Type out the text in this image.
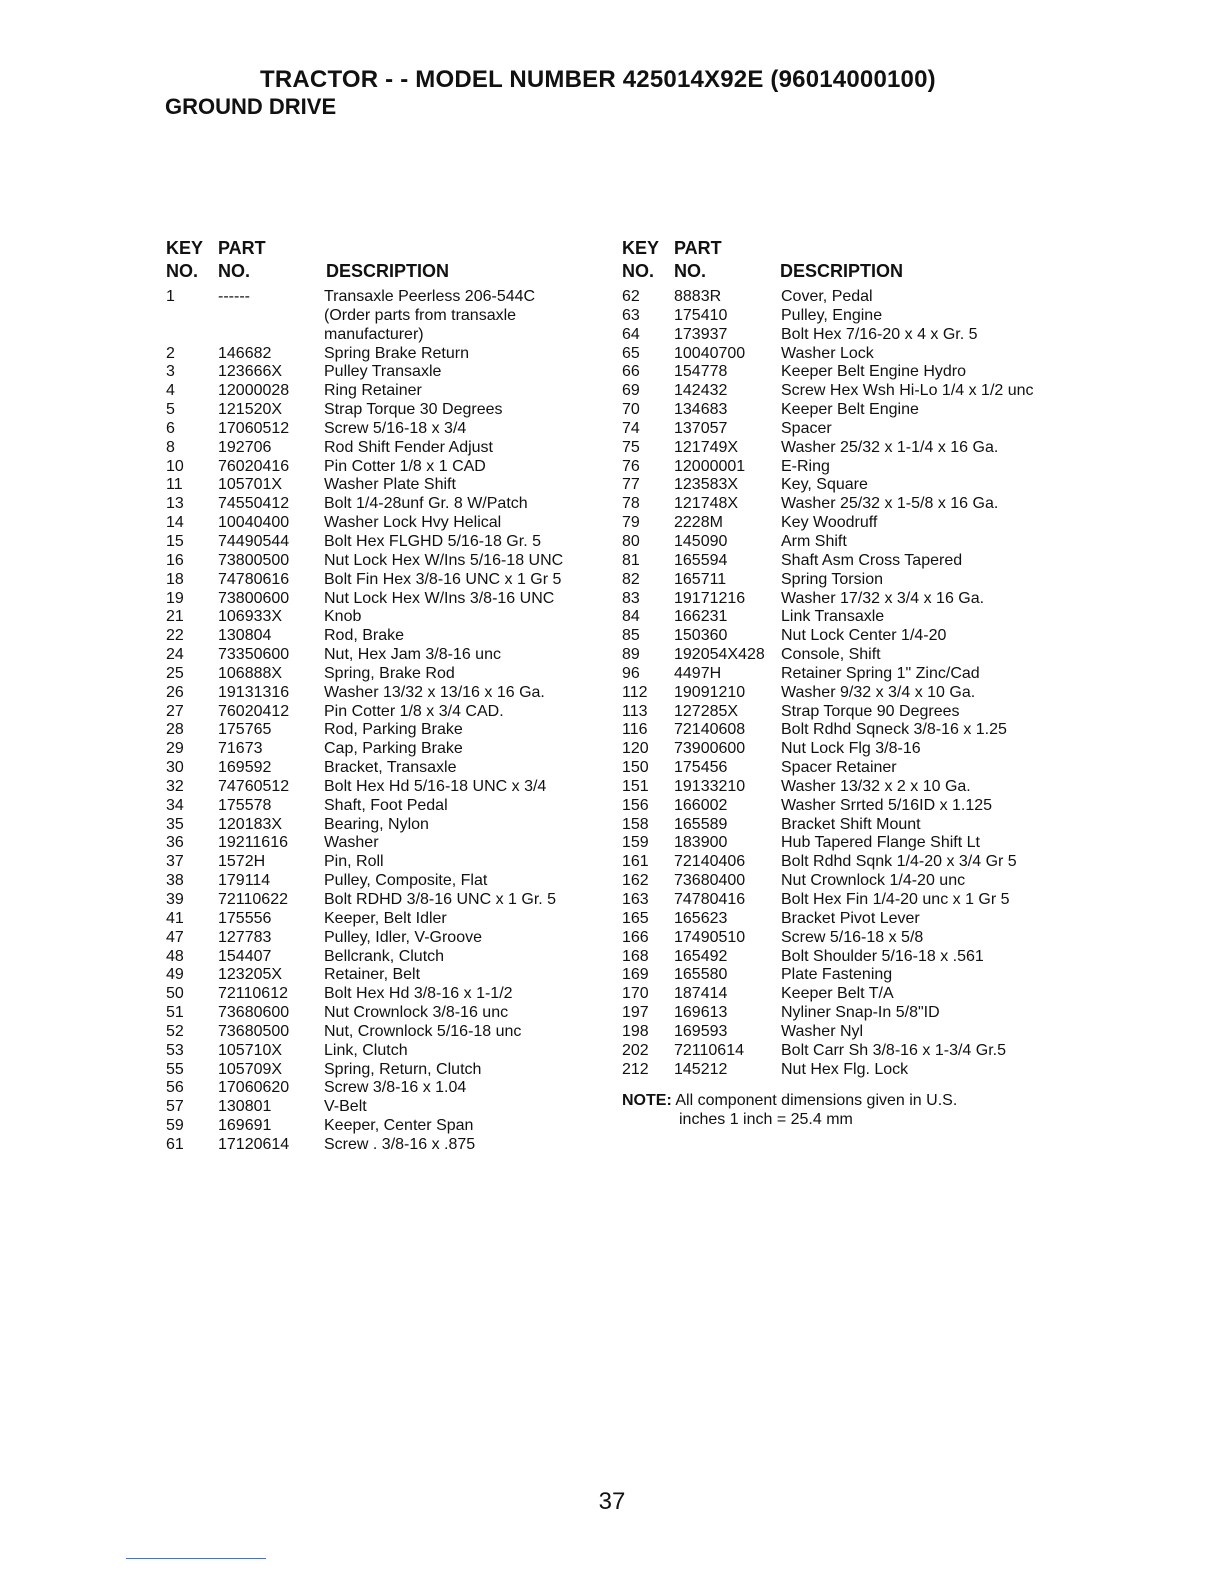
TRACTOR - - MODEL NUMBER 425014X92E (96014000100)
GROUND DRIVE
KEY PART
NO. NO.	DESCRIPTION
1	------	Transaxle Peerless 206-544C
(Order parts from transaxle
manufacturer)
2	146682	Spring Brake Return
3	123666X	Pulley Transaxle
4	12000028 Ring Retainer
5	121520X	Strap Torque 30 Degrees
6	17060512 Screw 5/16-18 x 3/4
8	192706	Rod Shift Fender Adjust
10 76020416 Pin Cotter 1/8 x 1 CAD
11 105701X	Washer Plate Shift
13 74550412 Bolt 1/4-28unf Gr. 8 W/Patch
14 10040400 Washer Lock Hvy Helical
15 74490544 Bolt Hex FLGHD 5/16-18 Gr. 5
16 73800500 Nut Lock Hex W/Ins 5/16-18 UNC
18 74780616 Bolt Fin Hex 3/8-16 UNC x 1 Gr 5
19 73800600 Nut Lock Hex W/Ins 3/8-16 UNC
21 106933X	Knob
22 130804	Rod, Brake
24 73350600 Nut, Hex Jam 3/8-16 unc
25 106888X	Spring, Brake Rod
26 19131316 Washer 13/32 x 13/16 x 16 Ga.
27 76020412 Pin Cotter 1/8 x 3/4 CAD.
28 175765	Rod, Parking Brake
29 71673	Cap, Parking Brake
30 169592	Bracket, Transaxle
32 74760512 Bolt Hex Hd 5/16-18 UNC x 3/4
34 175578	Shaft, Foot Pedal
35 120183X	Bearing, Nylon
36 19211616 Washer
37 1572H	Pin, Roll
38 179114	Pulley, Composite, Flat
39 72110622 Bolt RDHD 3/8-16 UNC x 1 Gr. 5
41 175556	Keeper, Belt Idler
47 127783	Pulley, Idler, V-Groove
48 154407	Bellcrank, Clutch
49 123205X	Retainer, Belt
50 72110612 Bolt Hex Hd 3/8-16 x 1-1/2
51 73680600 Nut Crownlock 3/8-16 unc
52 73680500 Nut, Crownlock 5/16-18 unc
53 105710X	Link, Clutch
55 105709X	Spring, Return, Clutch
56 17060620 Screw 3/8-16 x 1.04
57 130801	V-Belt
59 169691	Keeper, Center Span
61 17120614 Screw . 3/8-16 x .875
KEY PART
NO. NO.	DESCRIPTION
62 8883R	Cover, Pedal
63 175410	Pulley, Engine
64 173937	Bolt Hex 7/16-20 x 4 x Gr. 5
65 10040700 Washer Lock
66 154778	Keeper Belt Engine Hydro
69 142432	Screw Hex Wsh Hi-Lo 1/4 x 1/2 unc
70 134683	Keeper Belt Engine
74 137057	Spacer
75 121749X	Washer 25/32 x 1-1/4 x 16 Ga.
76 12000001 E-Ring
77 123583X	Key, Square
78 121748X	Washer 25/32 x 1-5/8 x 16 Ga.
79 2228M	Key Woodruff
80 145090	Arm Shift
81 165594	Shaft Asm Cross Tapered
82 165711	Spring Torsion
83 19171216 Washer 17/32 x 3/4 x 16 Ga.
84 166231	Link Transaxle
85 150360	Nut Lock Center 1/4-20
89 192054X428 Console, Shift
96 4497H	Retainer Spring 1" Zinc/Cad
112 19091210 Washer 9/32 x 3/4 x 10 Ga.
113 127285X	Strap Torque 90 Degrees
116 72140608 Bolt Rdhd Sqneck 3/8-16 x 1.25
120 73900600 Nut Lock Flg 3/8-16
150 175456	Spacer Retainer
151 19133210 Washer 13/32 x 2 x 10 Ga.
156 166002	Washer Srrted 5/16ID x 1.125
158 165589	Bracket Shift Mount
159 183900	Hub Tapered Flange Shift Lt
161 72140406 Bolt Rdhd Sqnk 1/4-20 x 3/4 Gr 5
162 73680400 Nut Crownlock 1/4-20 unc
163 74780416 Bolt Hex Fin 1/4-20 unc x 1 Gr 5
165 165623	Bracket Pivot Lever
166 17490510 Screw 5/16-18 x 5/8
168 165492	Bolt Shoulder 5/16-18 x .561
169 165580	Plate Fastening
170 187414	Keeper Belt T/A
197 169613	Nyliner Snap-In 5/8"ID
198 169593	Washer Nyl
202 72110614 Bolt Carr Sh 3/8-16 x 1-3/4 Gr.5
212 145212	Nut Hex Flg. Lock
NOTE: All component dimensions given in U.S.
inches 1 inch = 25.4 mm
37
